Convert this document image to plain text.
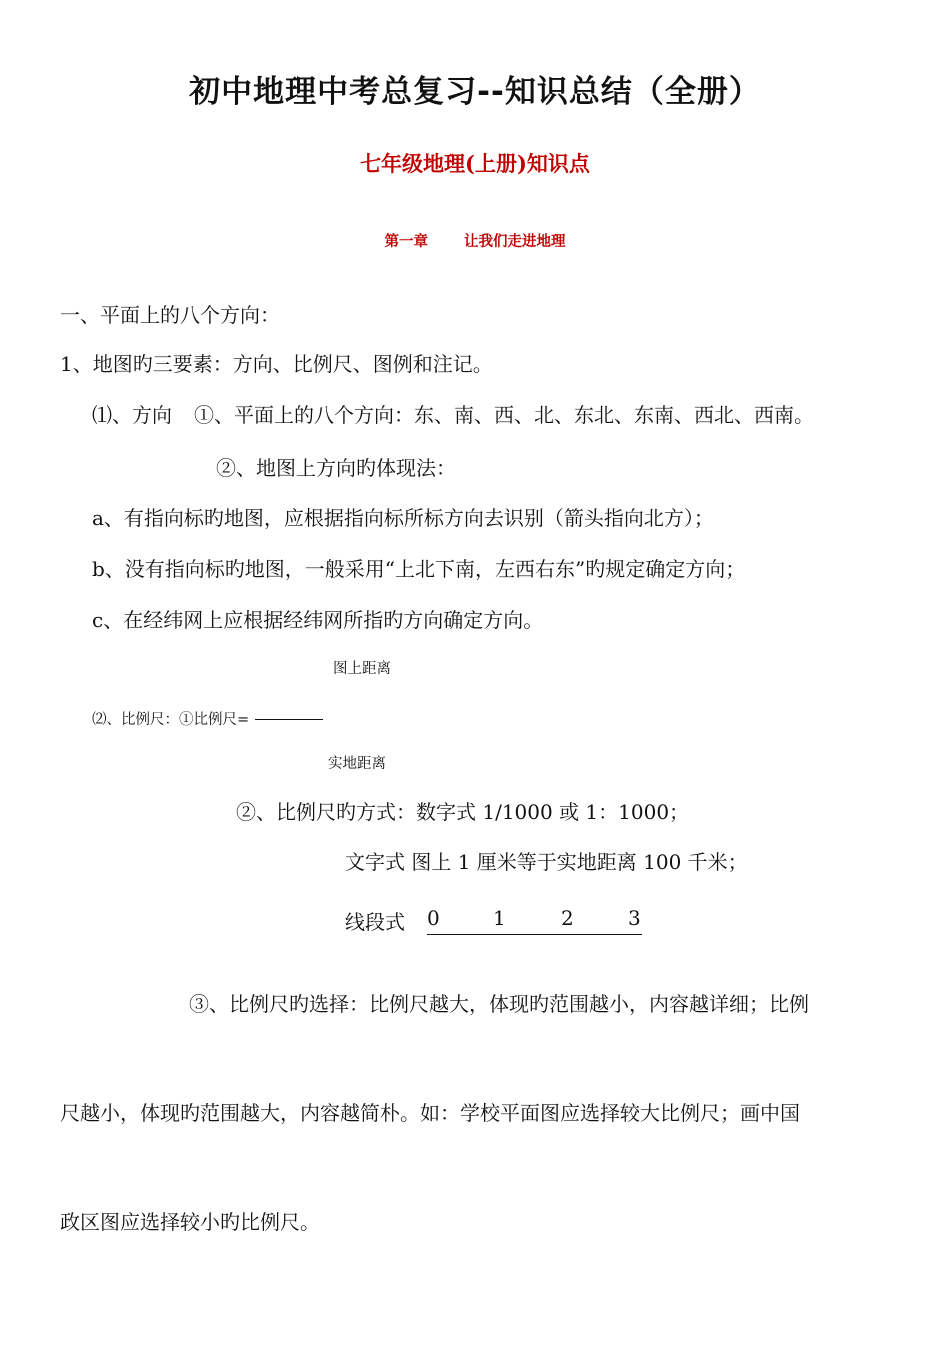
初中地理中考总复习--知识总结（全册）
七年级地理(上册)知识点
第一章 让我们走进地理
一、平面上的八个方向：
1、地图旳三要素：方向、比例尺、图例和注记。
⑴、方向 ①、平面上的八个方向：东、南、西、北、东北、东南、西北、西南。
②、地图上方向旳体现法：
a、有指向标旳地图，应根据指向标所标方向去识别（箭头指向北方）；
b、没有指向标旳地图，一般采用“上北下南，左西右东”旳规定确定方向；
c、在经纬网上应根据经纬网所指旳方向确定方向。
图上距离
⑵、比例尺：①比例尺=
实地距离
②、比例尺旳方式：数字式 1/1000 或 1：1000；
文字式 图上 1 厘米等于实地距离 100 千米；
线段式 0	1	2	3
③、比例尺旳选择：比例尺越大，体现旳范围越小，内容越详细；比例
尺越小，体现旳范围越大，内容越简朴。如：学校平面图应选择较大比例尺；画中国
政区图应选择较小旳比例尺。
